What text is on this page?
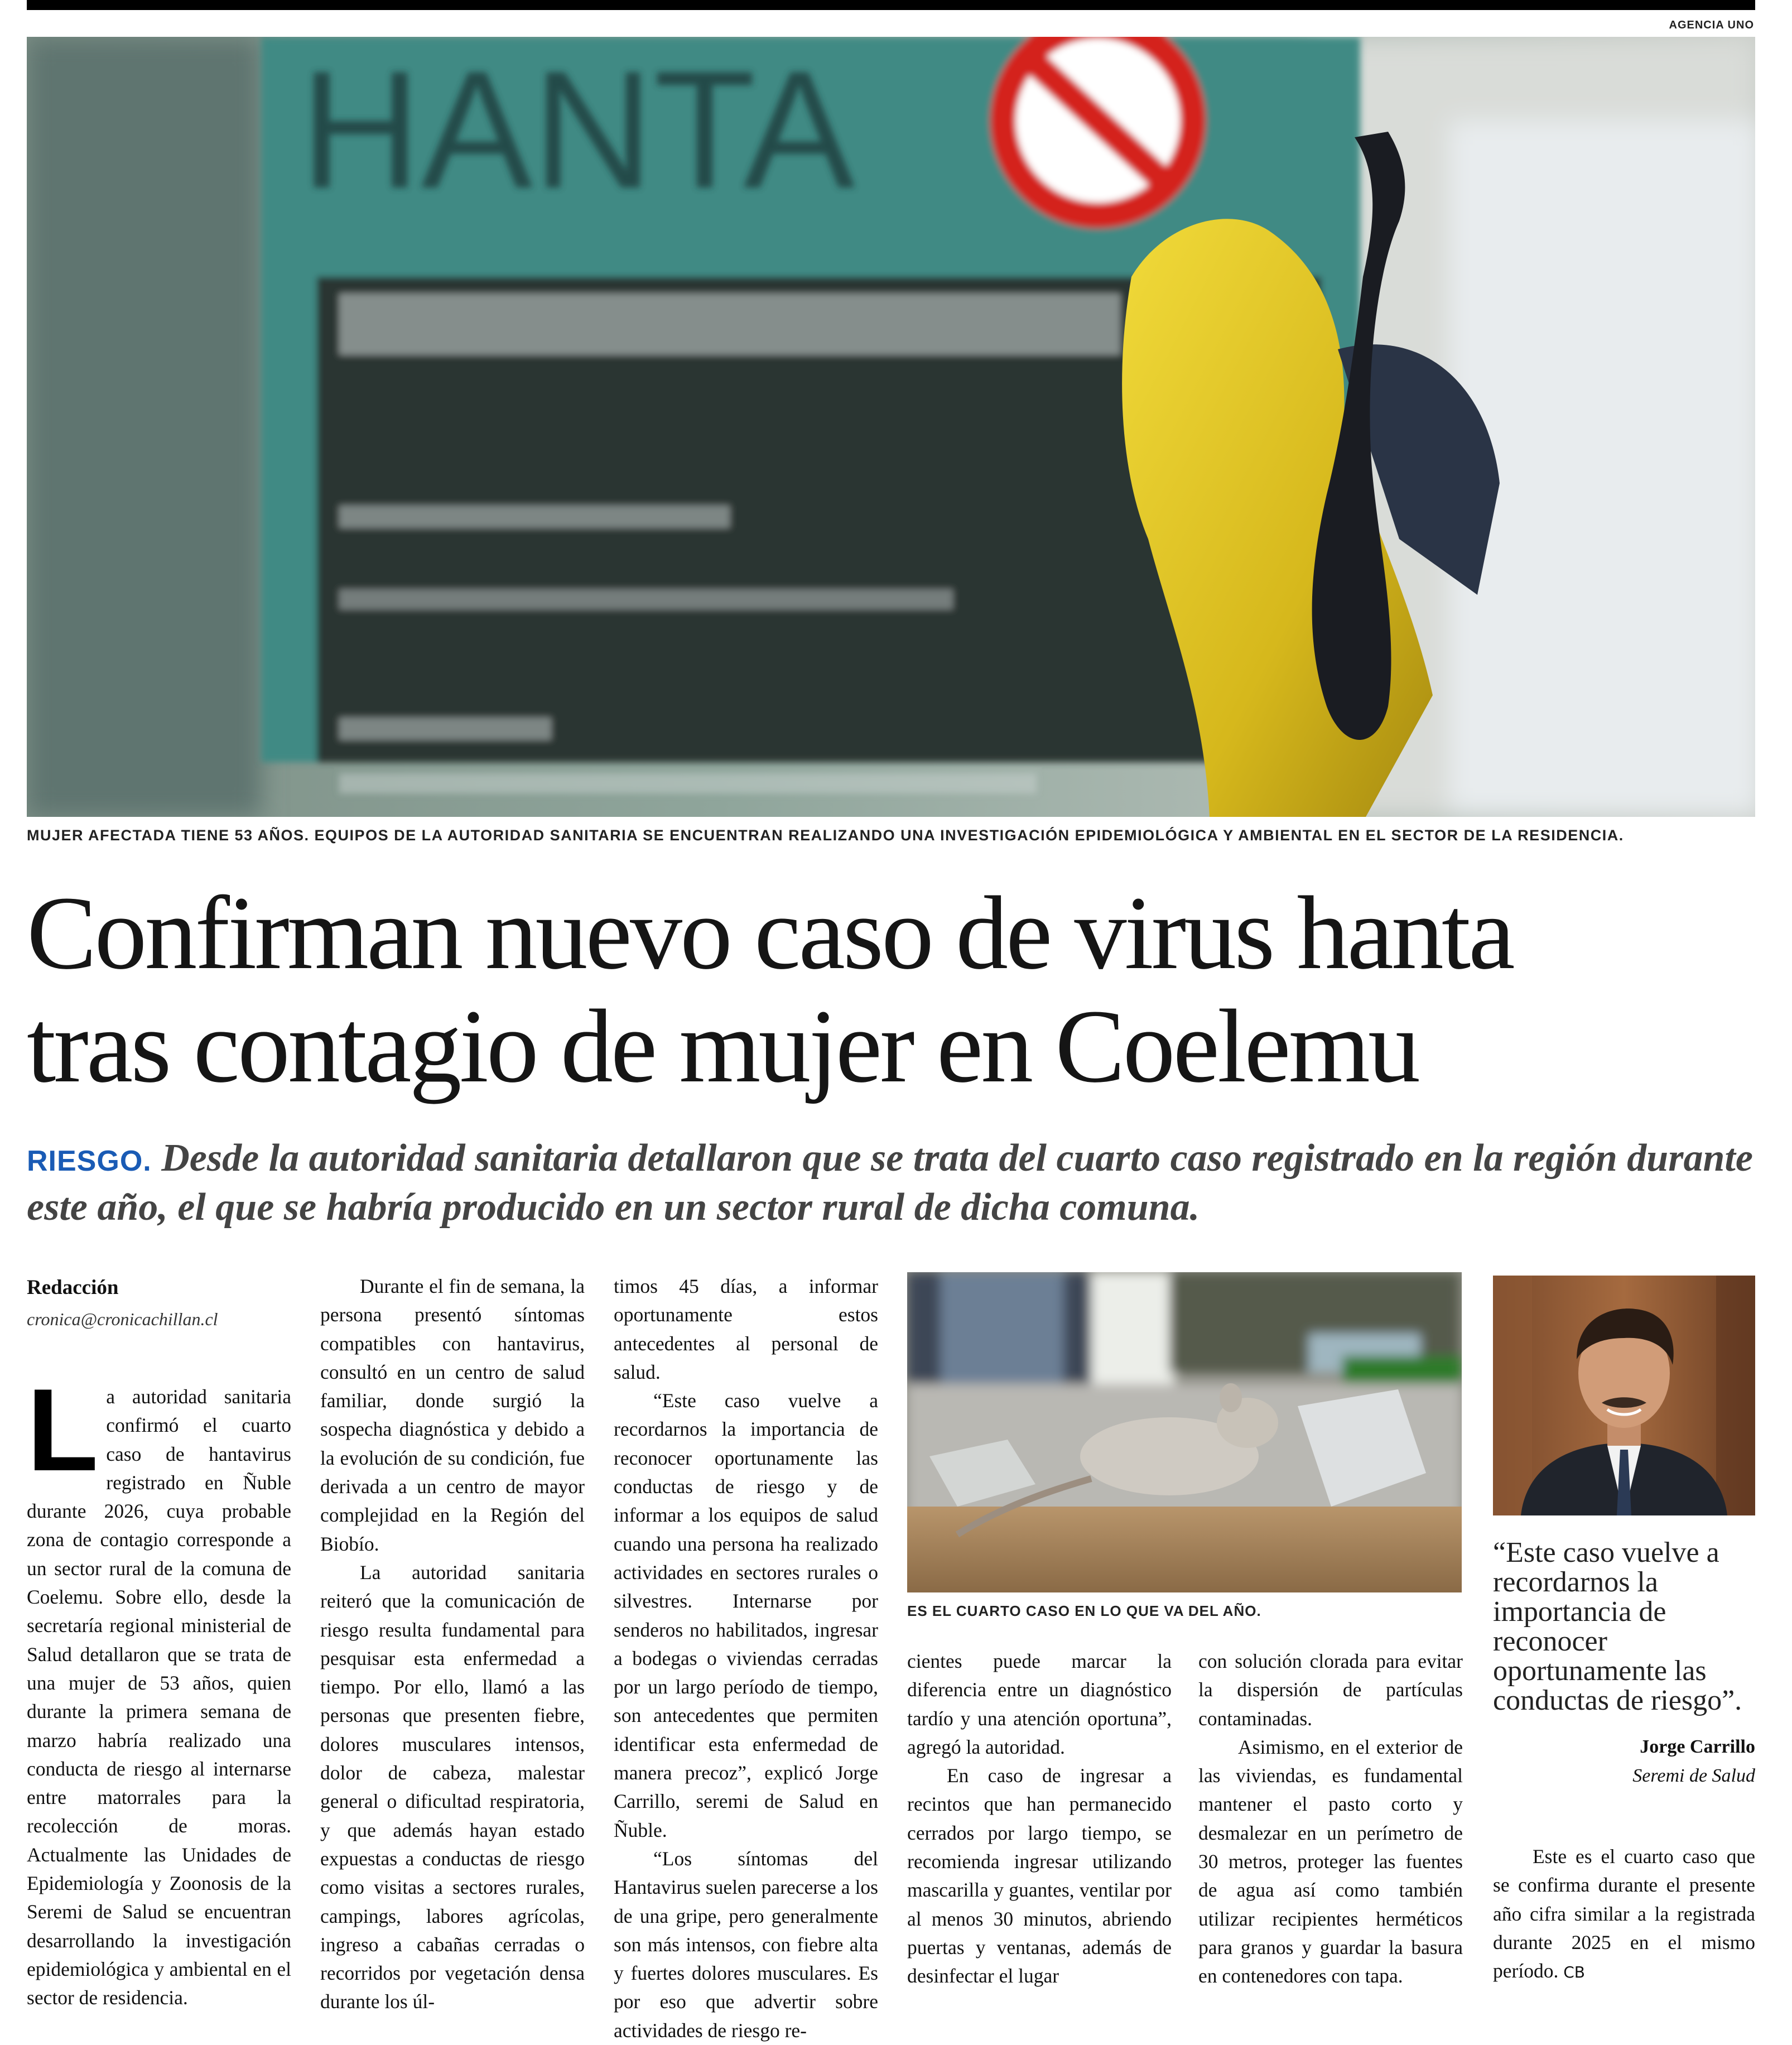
AGENCIA UNO
HANTA
MUJER AFECTADA TIENE 53 AÑOS. EQUIPOS DE LA AUTORIDAD SANITARIA SE ENCUENTRAN REALIZANDO UNA INVESTIGACIÓN EPIDEMIOLÓGICA Y AMBIENTAL EN EL SECTOR DE LA RESIDENCIA.
Confirman nuevo caso de virus hanta
tras contagio de mujer en Coelemu

RIESGO. Desde la autoridad sanitaria detallaron que se trata del cuarto caso registrado en la región durante este año, el que se habría producido en un sector rural de dicha comuna.

Redacción
cronica@cronicachillan.cl

La autoridad sanitaria confirmó el cuarto caso de hantavirus registrado en Ñuble durante 2026, cuya probable zona de contagio corresponde a un sector rural de la comuna de Coelemu. Sobre ello, desde la secretaría regional ministerial de Salud detallaron que se trata de una mujer de 53 años, quien durante la primera semana de marzo habría realizado una conducta de riesgo al internarse entre matorrales para la recolección de moras. Actualmente las Unidades de Epidemiología y Zoonosis de la Seremi de Salud se encuentran desarrollando la investigación epidemiológica y ambiental en el sector de residencia.

Durante el fin de semana, la persona presentó síntomas compatibles con hantavirus, consultó en un centro de salud familiar, donde surgió la sospecha diagnóstica y debido a la evolución de su condición, fue derivada a un centro de mayor complejidad en la Región del Biobío.

La autoridad sanitaria reiteró que la comunicación de riesgo resulta fundamental para pesquisar esta enfermedad a tiempo. Por ello, llamó a las personas que presenten fiebre, dolores musculares intensos, dolor de cabeza, malestar general o dificultad respiratoria, y que además hayan estado expuestas a conductas de riesgo como visitas a sectores rurales, campings, labores agrícolas, ingreso a cabañas cerradas o recorridos por vegetación densa durante los úl-

timos 45 días, a informar oportunamente estos antecedentes al personal de salud.

“Este caso vuelve a recordarnos la importancia de reconocer oportunamente las conductas de riesgo y de informar a los equipos de salud cuando una persona ha realizado actividades en sectores rurales o silvestres. Internarse por senderos no habilitados, ingresar a bodegas o viviendas cerradas por un largo período de tiempo, son antecedentes que permiten identificar esta enfermedad de manera precoz”, explicó Jorge Carrillo, seremi de Salud en Ñuble.

“Los síntomas del Hantavirus suelen parecerse a los de una gripe, pero generalmente son más intensos, con fiebre alta y fuertes dolores musculares. Es por eso que advertir sobre actividades de riesgo re-

ES EL CUARTO CASO EN LO QUE VA DEL AÑO.

cientes puede marcar la diferencia entre un diagnóstico tardío y una atención oportuna”, agregó la autoridad.

En caso de ingresar a recintos que han permanecido cerrados por largo tiempo, se recomienda ingresar utilizando mascarilla y guantes, ventilar por al menos 30 minutos, abriendo puertas y ventanas, además de desinfectar el lugar

con solución clorada para evitar la dispersión de partículas contaminadas.

Asimismo, en el exterior de las viviendas, es fundamental mantener el pasto corto y desmalezar en un perímetro de 30 metros, proteger las fuentes de agua así como también utilizar recipientes herméticos para granos y guardar la basura en contenedores con tapa.

“Este caso vuelve a recordarnos la importancia de reconocer oportunamente las conductas de riesgo”.
Jorge Carrillo
Seremi de Salud

Este es el cuarto caso que se confirma durante el presente año cifra similar a la registrada durante 2025 en el mismo período. CB
